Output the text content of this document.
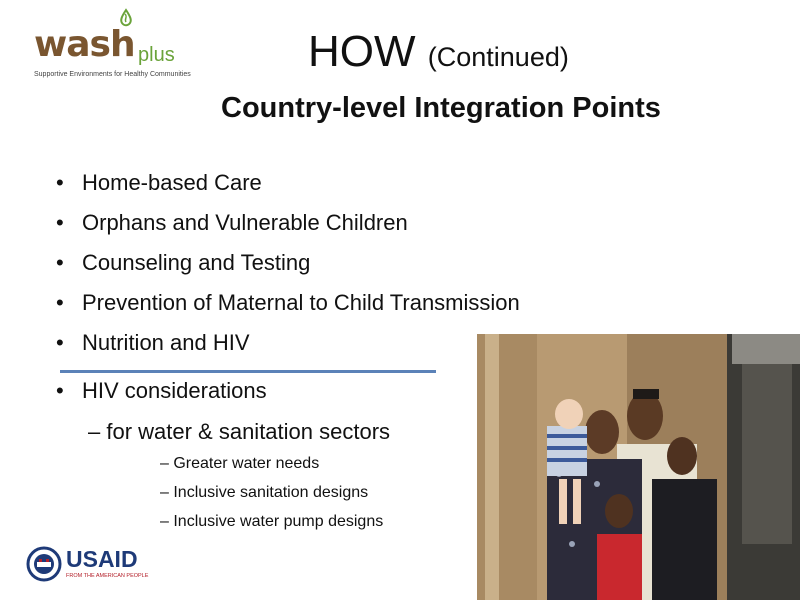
wash plus
Supportive Environments for Healthy Communities	HOW (Continued)
Country-level Integration Points
• Home-based Care
• Orphans and Vulnerable Children
• Counseling and Testing
• Prevention of Maternal to Child Transmission
• Nutrition and HIV
• HIV considerations
– for water & sanitation sectors
– Greater water needs
– Inclusive sanitation designs
– Inclusive water pump designs
USAID
FROM THE AMERICAN PEOPLE
